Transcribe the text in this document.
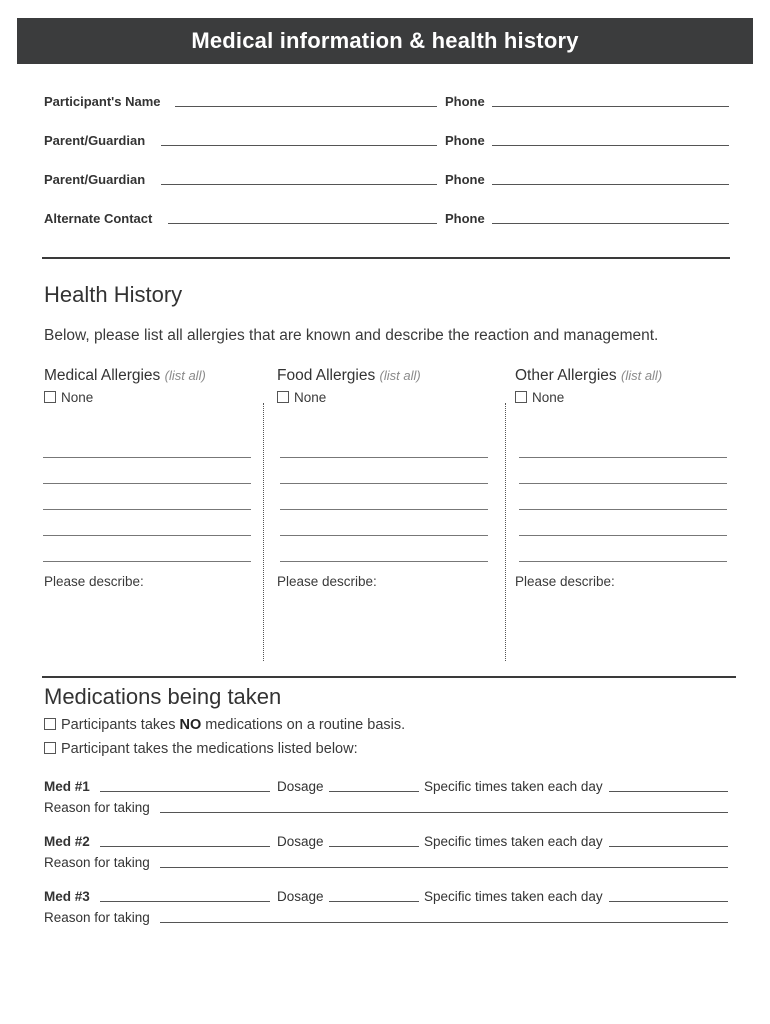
Medical information & health history
Participant's Name	Phone
Parent/Guardian	Phone
Parent/Guardian	Phone
Alternate Contact	Phone
Health History
Below, please list all allergies that are known and describe the reaction and management.
Medical Allergies (list all)
None
Please describe:
Food Allergies (list all)
None
Please describe:
Other Allergies (list all)
None
Please describe:
Medications being taken
Participants takes NO medications on a routine basis.
Participant takes the medications listed below:
Med #1	Dosage	Specific times taken each day
Reason for taking
Med #2	Dosage	Specific times taken each day
Reason for taking
Med #3	Dosage	Specific times taken each day
Reason for taking
